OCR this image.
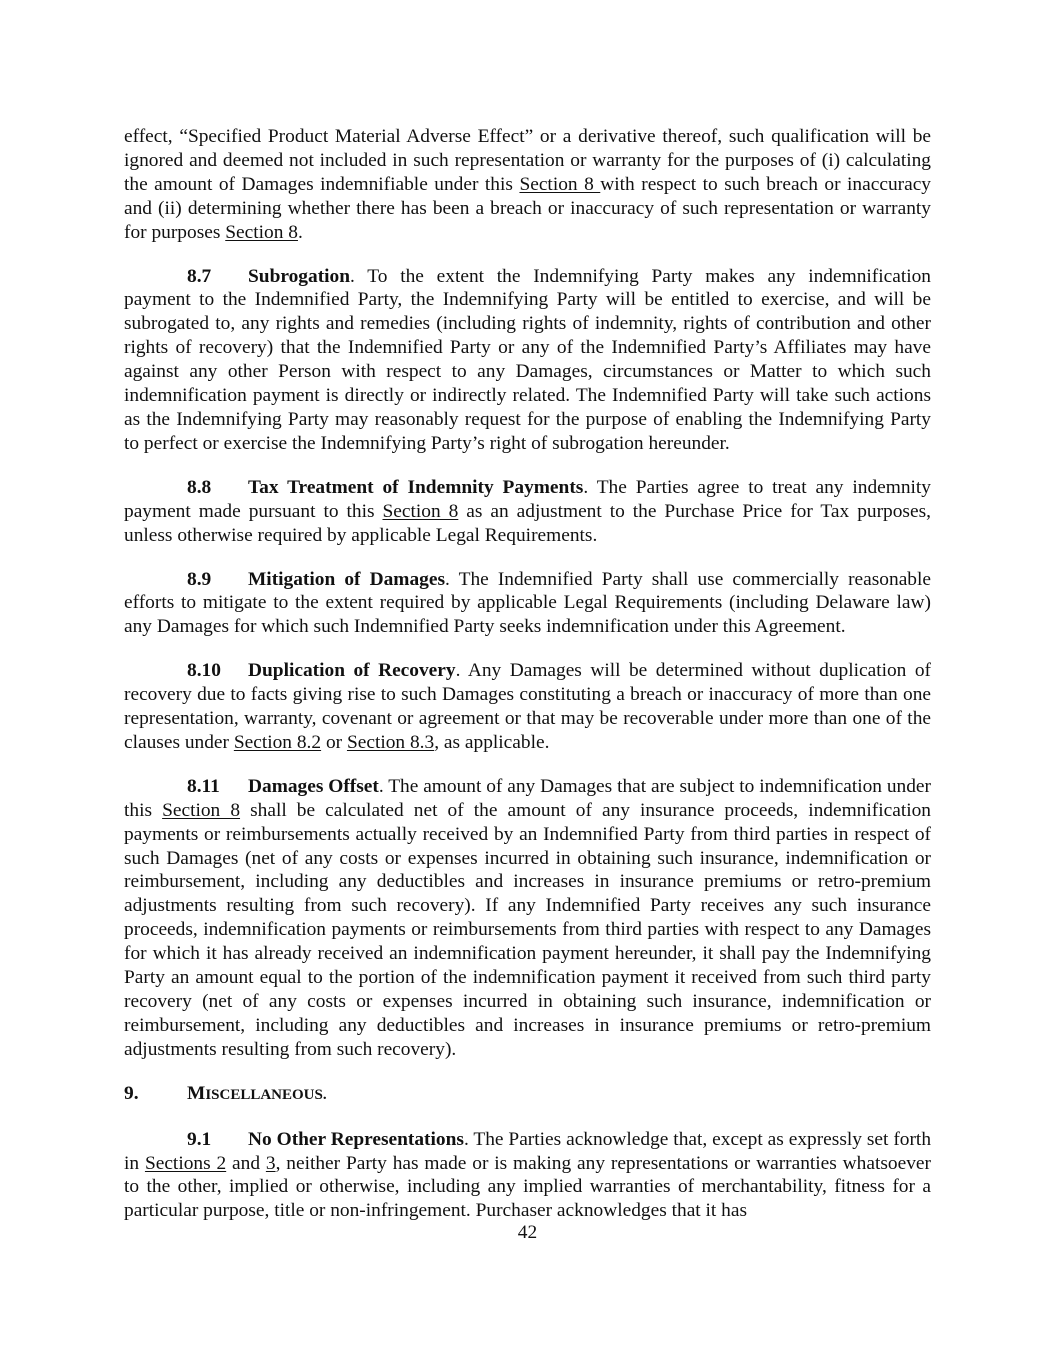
effect, “Specified Product Material Adverse Effect” or a derivative thereof, such qualification will be ignored and deemed not included in such representation or warranty for the purposes of (i) calculating the amount of Damages indemnifiable under this Section 8 with respect to such breach or inaccuracy and (ii) determining whether there has been a breach or inaccuracy of such representation or warranty for purposes Section 8.

8.7 Subrogation. To the extent the Indemnifying Party makes any indemnification payment to the Indemnified Party, the Indemnifying Party will be entitled to exercise, and will be subrogated to, any rights and remedies (including rights of indemnity, rights of contribution and other rights of recovery) that the Indemnified Party or any of the Indemnified Party’s Affiliates may have against any other Person with respect to any Damages, circumstances or Matter to which such indemnification payment is directly or indirectly related. The Indemnified Party will take such actions as the Indemnifying Party may reasonably request for the purpose of enabling the Indemnifying Party to perfect or exercise the Indemnifying Party’s right of subrogation hereunder.

8.8 Tax Treatment of Indemnity Payments. The Parties agree to treat any indemnity payment made pursuant to this Section 8 as an adjustment to the Purchase Price for Tax purposes, unless otherwise required by applicable Legal Requirements.

8.9 Mitigation of Damages. The Indemnified Party shall use commercially reasonable efforts to mitigate to the extent required by applicable Legal Requirements (including Delaware law) any Damages for which such Indemnified Party seeks indemnification under this Agreement.

8.10 Duplication of Recovery. Any Damages will be determined without duplication of recovery due to facts giving rise to such Damages constituting a breach or inaccuracy of more than one representation, warranty, covenant or agreement or that may be recoverable under more than one of the clauses under Section 8.2 or Section 8.3, as applicable.

8.11 Damages Offset. The amount of any Damages that are subject to indemnification under this Section 8 shall be calculated net of the amount of any insurance proceeds, indemnification payments or reimbursements actually received by an Indemnified Party from third parties in respect of such Damages (net of any costs or expenses incurred in obtaining such insurance, indemnification or reimbursement, including any deductibles and increases in insurance premiums or retro-premium adjustments resulting from such recovery). If any Indemnified Party receives any such insurance proceeds, indemnification payments or reimbursements from third parties with respect to any Damages for which it has already received an indemnification payment hereunder, it shall pay the Indemnifying Party an amount equal to the portion of the indemnification payment it received from such third party recovery (net of any costs or expenses incurred in obtaining such insurance, indemnification or reimbursement, including any deductibles and increases in insurance premiums or retro-premium adjustments resulting from such recovery).

9. MISCELLANEOUS.

9.1 No Other Representations. The Parties acknowledge that, except as expressly set forth in Sections 2 and 3, neither Party has made or is making any representations or warranties whatsoever to the other, implied or otherwise, including any implied warranties of merchantability, fitness for a particular purpose, title or non-infringement. Purchaser acknowledges that it has

42
